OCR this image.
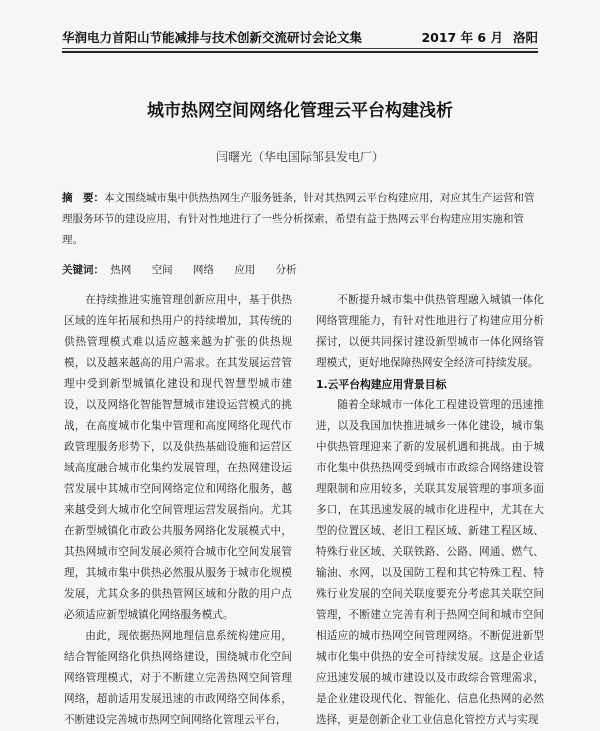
华润电力首阳山节能减排与技术创新交流研讨会论文集	2017 年 6 月 洛阳
城市热网空间网络化管理云平台构建浅析
闫曙光（华电国际邹县发电厂）
摘　要：本文围绕城市集中供热热网生产服务链条，针对其热网云平台构建应用，对应其生产运营和管理服务环节的建设应用，有针对性地进行了一些分析探索，希望有益于热网云平台构建应用实施和管理。
关键词： 热网 空间 网络 应用 分析

在持续推进实施管理创新应用中，基于供热区域的连年拓展和热用户的持续增加，其传统的供热管理模式难以适应越来越为扩张的供热规模，以及越来越高的用户需求。在其发展运营管理中受到新型城镇化建设和现代智慧型城市建设，以及网络化智能智慧城市建设运营模式的挑战，在高度城市化集中管理和高度网络化现代市政管理服务形势下，以及供热基础设施和运营区域高度融合城市化集约发展管理，在热网建设运营发展中其城市空间网络定位和网络化服务，越来越受到大城市化空间管理运营发展指向。尤其在新型城镇化市政公共服务网络化发展模式中，其热网城市空间发展必须符合城市化空间发展管理，其城市集中供热必然服从服务于城市化规模发展，尤其众多的供热管网区域和分散的用户点必须适应新型城镇化网络服务模式。

由此，现依据热网地理信息系统构建应用，结合智能网络化供热网络建设，围绕城市化空间网络管理模式，对于不断建立完善热网空间管理网络，超前适用发展迅速的市政网络空间体系，不断建设完善城市热网空间网络化管理云平台，

不断提升城市集中供热管理融入城镇一体化网络管理能力，有针对性地进行了构建应用分析探讨，以便共同探讨建设新型城市一体化网络管理模式，更好地保障热网安全经济可持续发展。

1.云平台构建应用背景目标

随着全球城市一体化工程建设管理的迅速推进，以及我国加快推进城乡一体化建设，城市集中供热管理迎来了新的发展机遇和挑战。由于城市化集中供热热网受到城市市政综合网络建设管理限制和应用较多，关联其发展管理的事项多面多口，在其迅速发展的城市化进程中，尤其在大型的位置区域、老旧工程区域、新建工程区域、特殊行业区域、关联铁路、公路、网通、燃气、输油、水网，以及国防工程和其它特殊工程、特殊行业发展的空间关联度要充分考虑其关联空间管理，不断建立完善有利于热网空间和城市空间相适应的城市热网空间管理网络。不断促进新型城市化集中供热的安全可持续发展。这是企业适应迅速发展的城市建设以及市政综合管理需求，是企业建设现代化、智能化、信息化热网的必然选择，更是创新企业工业信息化管控方式与实现
